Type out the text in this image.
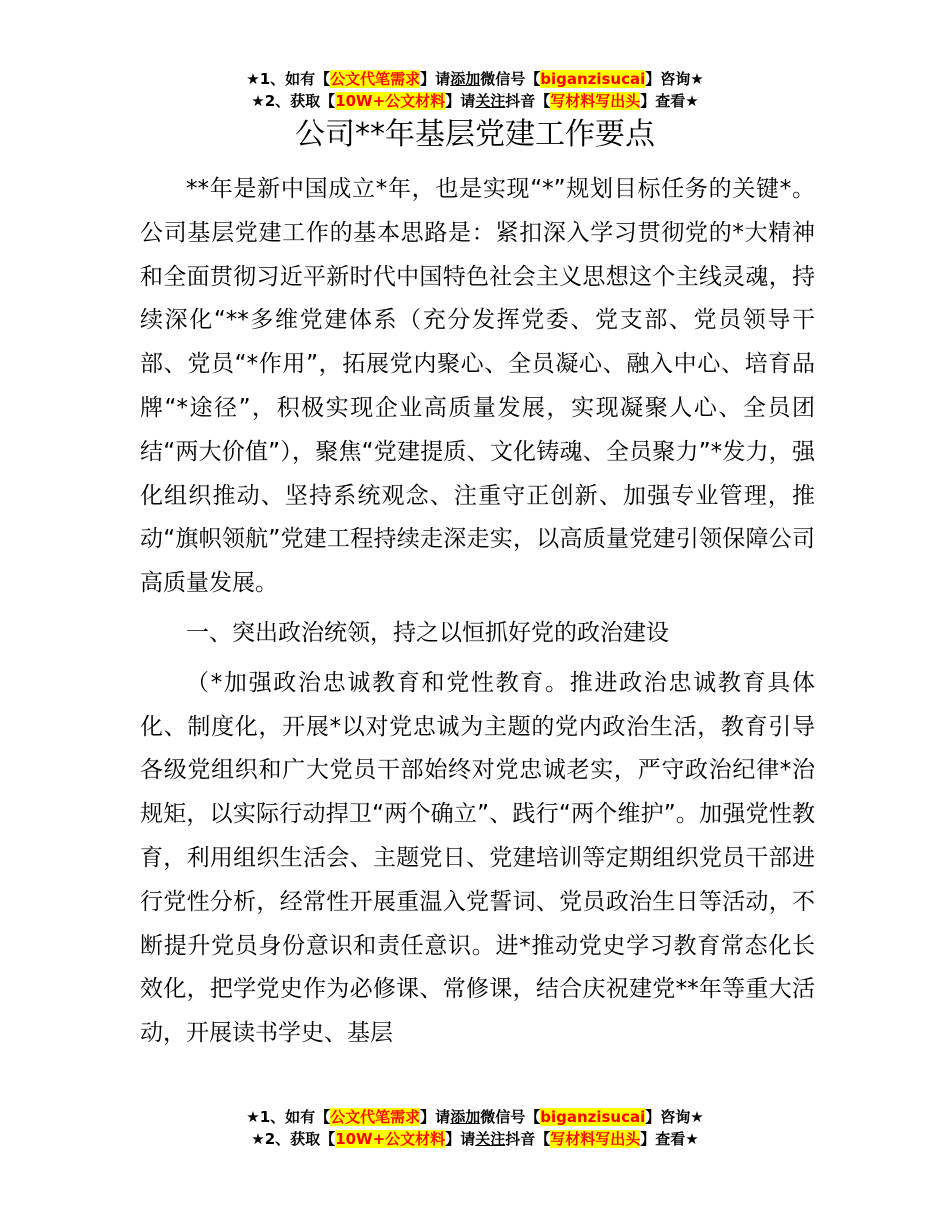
★1、如有【公文代笔需求】请添加微信号【biganzisucai】咨询★
★2、获取【10W+公文材料】请关注抖音【写材料写出头】查看★
公司**年基层党建工作要点

**年是新中国成立*年，也是实现“*”规划目标任务的关键*。公司基层党建工作的基本思路是：紧扣深入学习贯彻党的*大精神和全面贯彻习近平新时代中国特色社会主义思想这个主线灵魂，持续深化“**多维党建体系（充分发挥党委、党支部、党员领导干部、党员“*作用”，拓展党内聚心、全员凝心、融入中心、培育品牌“*途径”，积极实现企业高质量发展，实现凝聚人心、全员团结“两大价值”），聚焦“党建提质、文化铸魂、全员聚力”*发力，强化组织推动、坚持系统观念、注重守正创新、加强专业管理，推动“旗帜领航”党建工程持续走深走实，以高质量党建引领保障公司高质量发展。

一、突出政治统领，持之以恒抓好党的政治建设

（*加强政治忠诚教育和党性教育。推进政治忠诚教育具体化、制度化，开展*以对党忠诚为主题的党内政治生活，教育引导各级党组织和广大党员干部始终对党忠诚老实，严守政治纪律*治规矩，以实际行动捍卫“两个确立”、践行“两个维护”。加强党性教育，利用组织生活会、主题党日、党建培训等定期组织党员干部进行党性分析，经常性开展重温入党誓词、党员政治生日等活动，不断提升党员身份意识和责任意识。进*推动党史学习教育常态化长效化，把学党史作为必修课、常修课，结合庆祝建党**年等重大活动，开展读书学史、基层

★1、如有【公文代笔需求】请添加微信号【biganzisucai】咨询★
★2、获取【10W+公文材料】请关注抖音【写材料写出头】查看★
